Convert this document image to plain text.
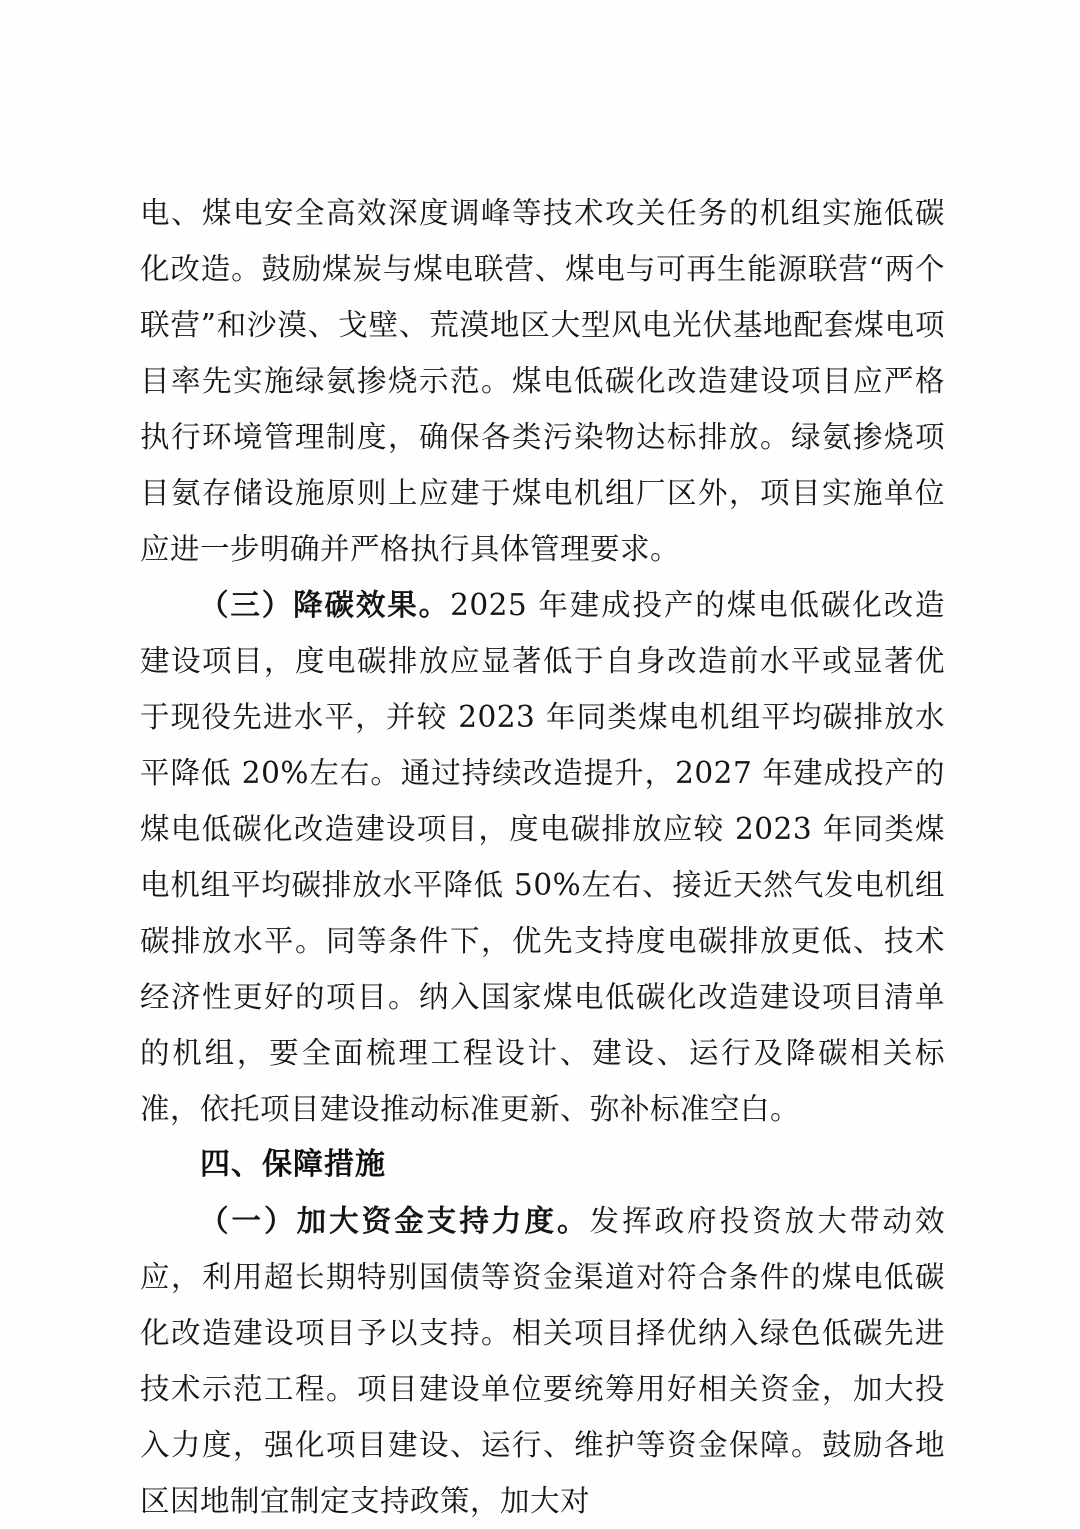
电、煤电安全高效深度调峰等技术攻关任务的机组实施低碳化改造。鼓励煤炭与煤电联营、煤电与可再生能源联营“两个联营”和沙漠、戈壁、荒漠地区大型风电光伏基地配套煤电项目率先实施绿氨掺烧示范。煤电低碳化改造建设项目应严格执行环境管理制度，确保各类污染物达标排放。绿氨掺烧项目氨存储设施原则上应建于煤电机组厂区外，项目实施单位应进一步明确并严格执行具体管理要求。

（三）降碳效果。2025 年建成投产的煤电低碳化改造建设项目，度电碳排放应显著低于自身改造前水平或显著优于现役先进水平，并较 2023 年同类煤电机组平均碳排放水平降低 20%左右。通过持续改造提升，2027 年建成投产的煤电低碳化改造建设项目，度电碳排放应较 2023 年同类煤电机组平均碳排放水平降低 50%左右、接近天然气发电机组碳排放水平。同等条件下，优先支持度电碳排放更低、技术经济性更好的项目。纳入国家煤电低碳化改造建设项目清单的机组，要全面梳理工程设计、建设、运行及降碳相关标准，依托项目建设推动标准更新、弥补标准空白。

四、保障措施

（一）加大资金支持力度。发挥政府投资放大带动效应，利用超长期特别国债等资金渠道对符合条件的煤电低碳化改造建设项目予以支持。相关项目择优纳入绿色低碳先进技术示范工程。项目建设单位要统筹用好相关资金，加大投入力度，强化项目建设、运行、维护等资金保障。鼓励各地区因地制宜制定支持政策，加大对
